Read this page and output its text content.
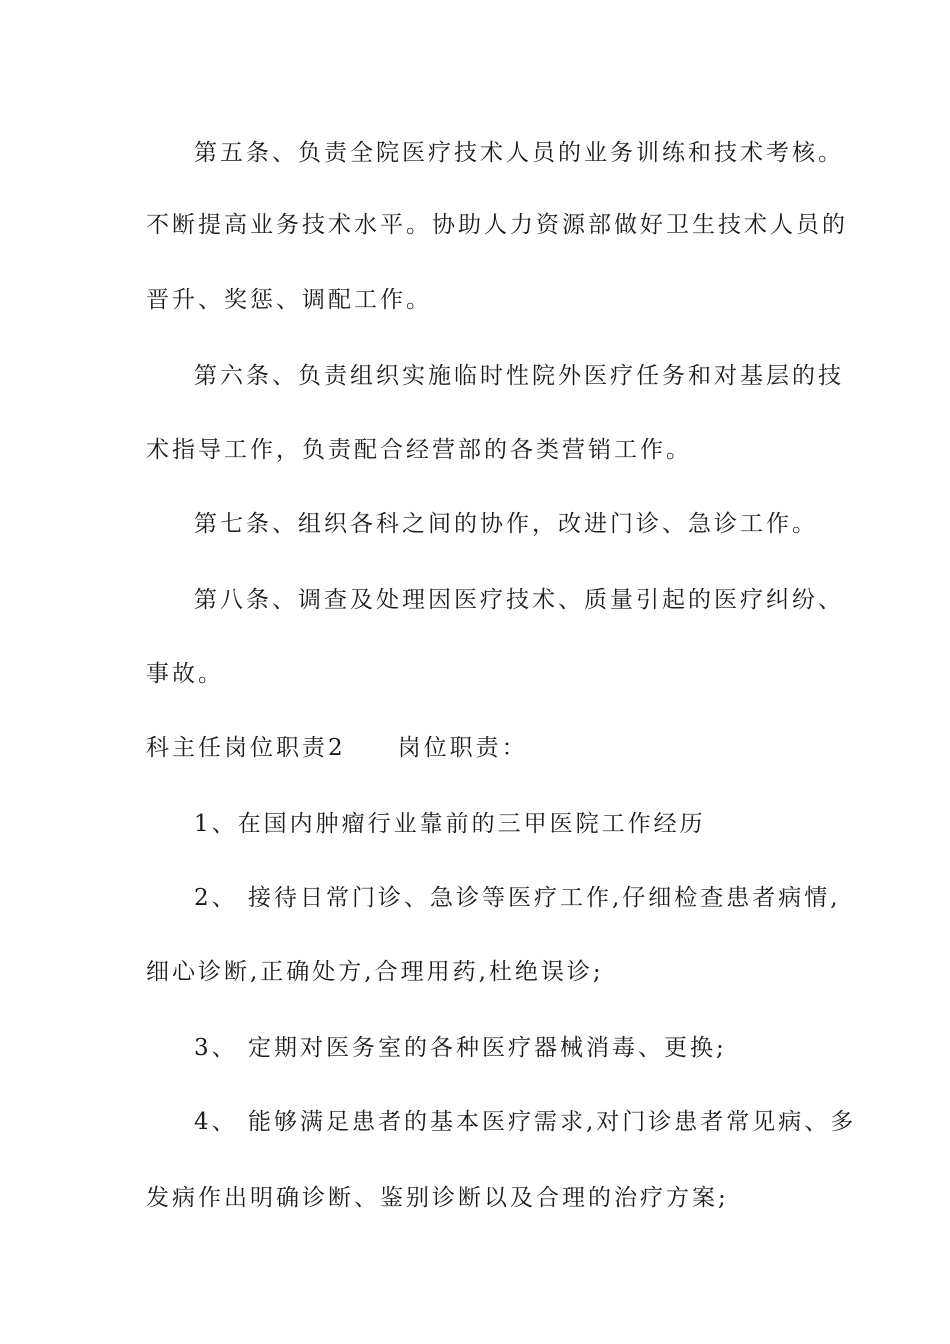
第五条、负责全院医疗技术人员的业务训练和技术考核。
不断提高业务技术水平。协助人力资源部做好卫生技术人员的
晋升、奖惩、调配工作。
第六条、负责组织实施临时性院外医疗任务和对基层的技
术指导工作，负责配合经营部的各类营销工作。
第七条、组织各科之间的协作，改进门诊、急诊工作。
第八条、调查及处理因医疗技术、质量引起的医疗纠纷、
事故。
科主任岗位职责2 岗位职责：
1、在国内肿瘤行业靠前的三甲医院工作经历
2、 接待日常门诊、急诊等医疗工作,仔细检查患者病情,
细心诊断,正确处方,合理用药,杜绝误诊;
3、 定期对医务室的各种医疗器械消毒、更换;
4、 能够满足患者的基本医疗需求,对门诊患者常见病、多
发病作出明确诊断、鉴别诊断以及合理的治疗方案;
